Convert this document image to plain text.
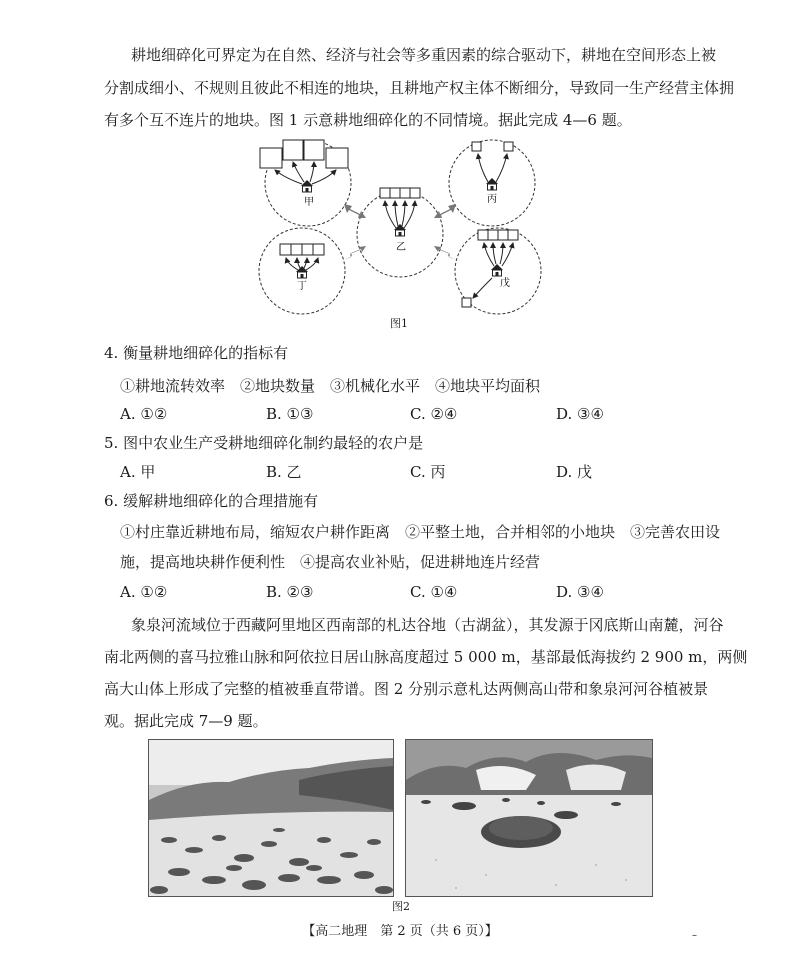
耕地细碎化可界定为在自然、经济与社会等多重因素的综合驱动下，耕地在空间形态上被
分割成细小、不规则且彼此不相连的地块，且耕地产权主体不断细分，导致同一生产经营主体拥
有多个互不连片的地块。图 1 示意耕地细碎化的不同情境。据此完成 4—6 题。
甲	丙
乙
丁	戊
图1
4. 衡量耕地细碎化的指标有
①耕地流转效率　②地块数量　③机械化水平　④地块平均面积
A. ①②	B. ①③	C. ②④	D. ③④
5. 图中农业生产受耕地细碎化制约最轻的农户是
A. 甲	B. 乙	C. 丙	D. 戊
6. 缓解耕地细碎化的合理措施有
①村庄靠近耕地布局，缩短农户耕作距离　②平整土地，合并相邻的小地块　③完善农田设
施，提高地块耕作便利性　④提高农业补贴，促进耕地连片经营
A. ①②	B. ②③	C. ①④	D. ③④
象泉河流域位于西藏阿里地区西南部的札达谷地（古湖盆），其发源于冈底斯山南麓，河谷
南北两侧的喜马拉雅山脉和阿依拉日居山脉高度超过 5 000 m，基部最低海拔约 2 900 m，两侧
高大山体上形成了完整的植被垂直带谱。图 2 分别示意札达两侧高山带和象泉河河谷植被景
观。据此完成 7—9 题。
图2
【高二地理　第 2 页（共 6 页）】	–
